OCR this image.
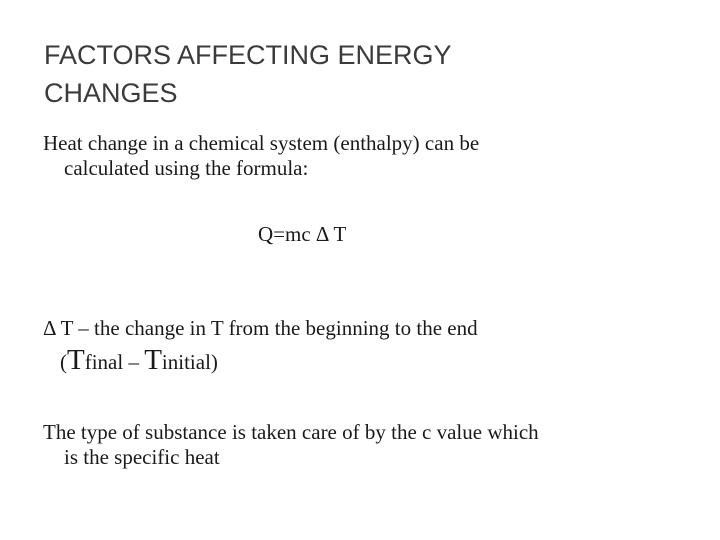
FACTORS AFFECTING ENERGY
CHANGES
Heat change in a chemical system (enthalpy) can be
calculated using the formula:
Q=mc Δ T
Δ T – the change in T from the beginning to the end
(Tfinal – Tinitial)
The type of substance is taken care of by the c value which
is the specific heat
